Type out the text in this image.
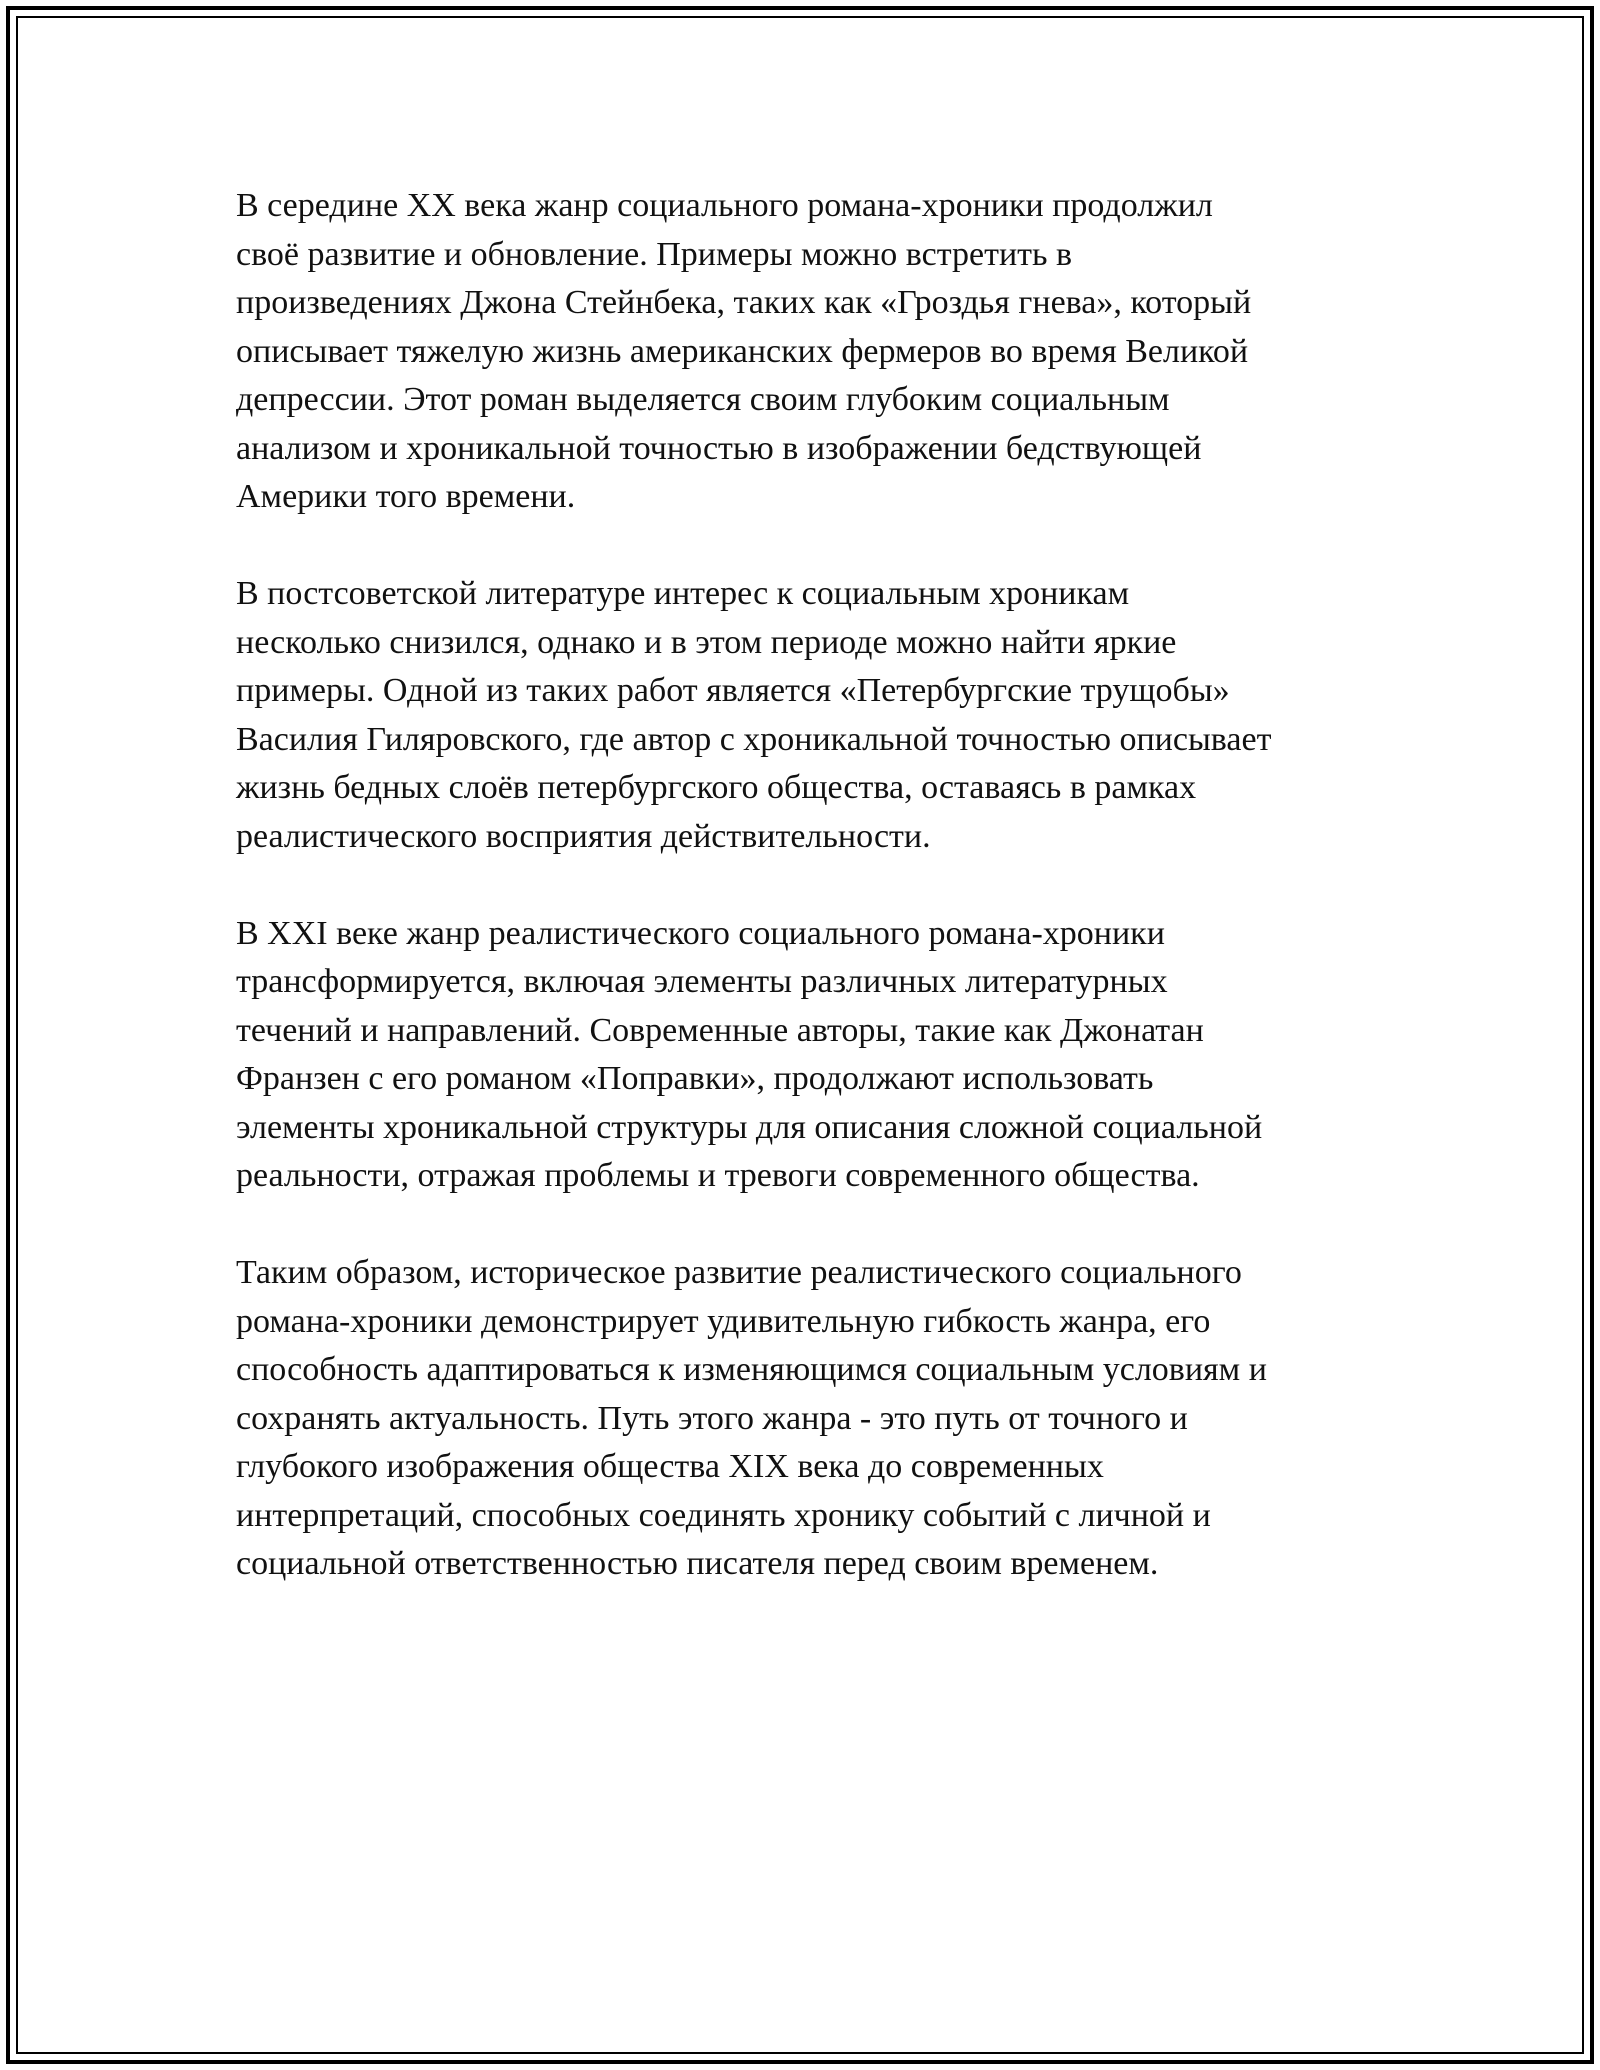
В середине XX века жанр социального романа-хроники продолжил
своё развитие и обновление. Примеры можно встретить в
произведениях Джона Стейнбека, таких как «Гроздья гнева», который
описывает тяжелую жизнь американских фермеров во время Великой
депрессии. Этот роман выделяется своим глубоким социальным
анализом и хроникальной точностью в изображении бедствующей
Америки того времени.

В постсоветской литературе интерес к социальным хроникам
несколько снизился, однако и в этом периоде можно найти яркие
примеры. Одной из таких работ является «Петербургские трущобы»
Василия Гиляровского, где автор с хроникальной точностью описывает
жизнь бедных слоёв петербургского общества, оставаясь в рамках
реалистического восприятия действительности.

В XXI веке жанр реалистического социального романа-хроники
трансформируется, включая элементы различных литературных
течений и направлений. Современные авторы, такие как Джонатан
Франзен с его романом «Поправки», продолжают использовать
элементы хроникальной структуры для описания сложной социальной
реальности, отражая проблемы и тревоги современного общества.

Таким образом, историческое развитие реалистического социального
романа-хроники демонстрирует удивительную гибкость жанра, его
способность адаптироваться к изменяющимся социальным условиям и
сохранять актуальность. Путь этого жанра - это путь от точного и
глубокого изображения общества XIX века до современных
интерпретаций, способных соединять хронику событий с личной и
социальной ответственностью писателя перед своим временем.
